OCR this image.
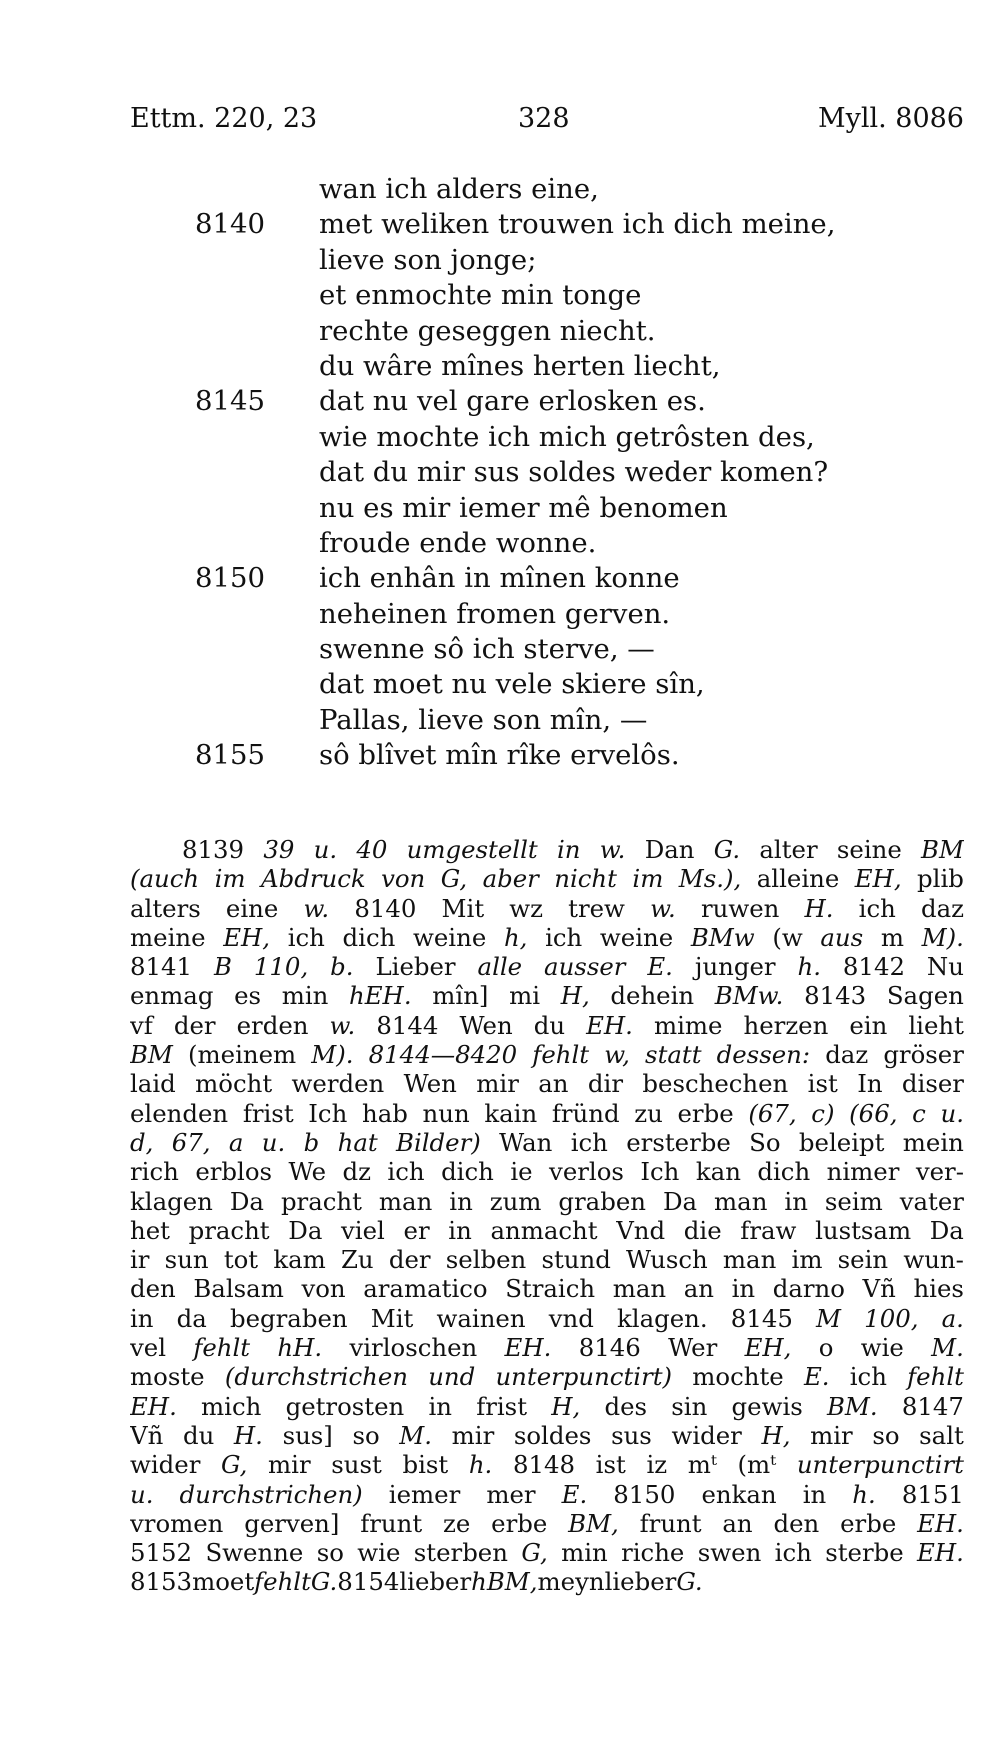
Ettm. 220, 23	328	Myll. 8086
wan ich alders eine,
8140	met weliken trouwen ich dich meine,
lieve son jonge;
et enmochte min tonge
rechte geseggen niecht.
du wâre mînes herten liecht,
8145	dat nu vel gare erlosken es.
wie mochte ich mich getrôsten des,
dat du mir sus soldes weder komen?
nu es mir iemer mê benomen
froude ende wonne.
8150	ich enhân in mînen konne
neheinen fromen gerven.
swenne sô ich sterve, —
dat moet nu vele skiere sîn,
Pallas, lieve son mîn, —
8155	sô blîvet mîn rîke ervelôs.
8139 39 u. 40 umgestellt in w. Dan G. alter seine BM
(auch im Abdruck von G, aber nicht im Ms.), alleine EH, plib
alters eine w. 8140 Mit wz trew w. ruwen H. ich daz
meine EH, ich dich weine h, ich weine BMw (w aus m M).
8141 B 110, b. Lieber alle ausser E. junger h. 8142 Nu
enmag es min hEH. mîn] mi H, dehein BMw. 8143 Sagen
vf der erden w. 8144 Wen du EH. mime herzen ein lieht
BM (meinem M). 8144—8420 fehlt w, statt dessen: daz gröser
laid möcht werden Wen mir an dir beschechen ist In diser
elenden frist Ich hab nun kain fründ zu erbe (67, c) (66, c u.
d, 67, a u. b hat Bilder) Wan ich ersterbe So beleipt mein
rich erblos We dz ich dich ie verlos Ich kan dich nimer ver-
klagen Da pracht man in zum graben Da man in seim vater
het pracht Da viel er in anmacht Vnd die fraw lustsam Da
ir sun tot kam Zu der selben stund Wusch man im sein wun-
den Balsam von aramatico Straich man an in darno Vñ hies
in da begraben Mit wainen vnd klagen. 8145 M 100, a.
vel fehlt hH. virloschen EH. 8146 Wer EH, o wie M.
moste (durchstrichen und unterpunctirt) mochte E. ich fehlt
EH. mich getrosten in frist H, des sin gewis BM. 8147
Vñ du H. sus] so M. mir soldes sus wider H, mir so salt
wider G, mir sust bist h. 8148 ist iz mᵗ (mᵗ unterpunctirt
u. durchstrichen) iemer mer E. 8150 enkan in h. 8151
vromen gerven] frunt ze erbe BM, frunt an den erbe EH.
5152 Swenne so wie sterben G, min riche swen ich sterbe EH.
8153 moet fehlt G. 8154 lieber hBM, meyn lieber G.
